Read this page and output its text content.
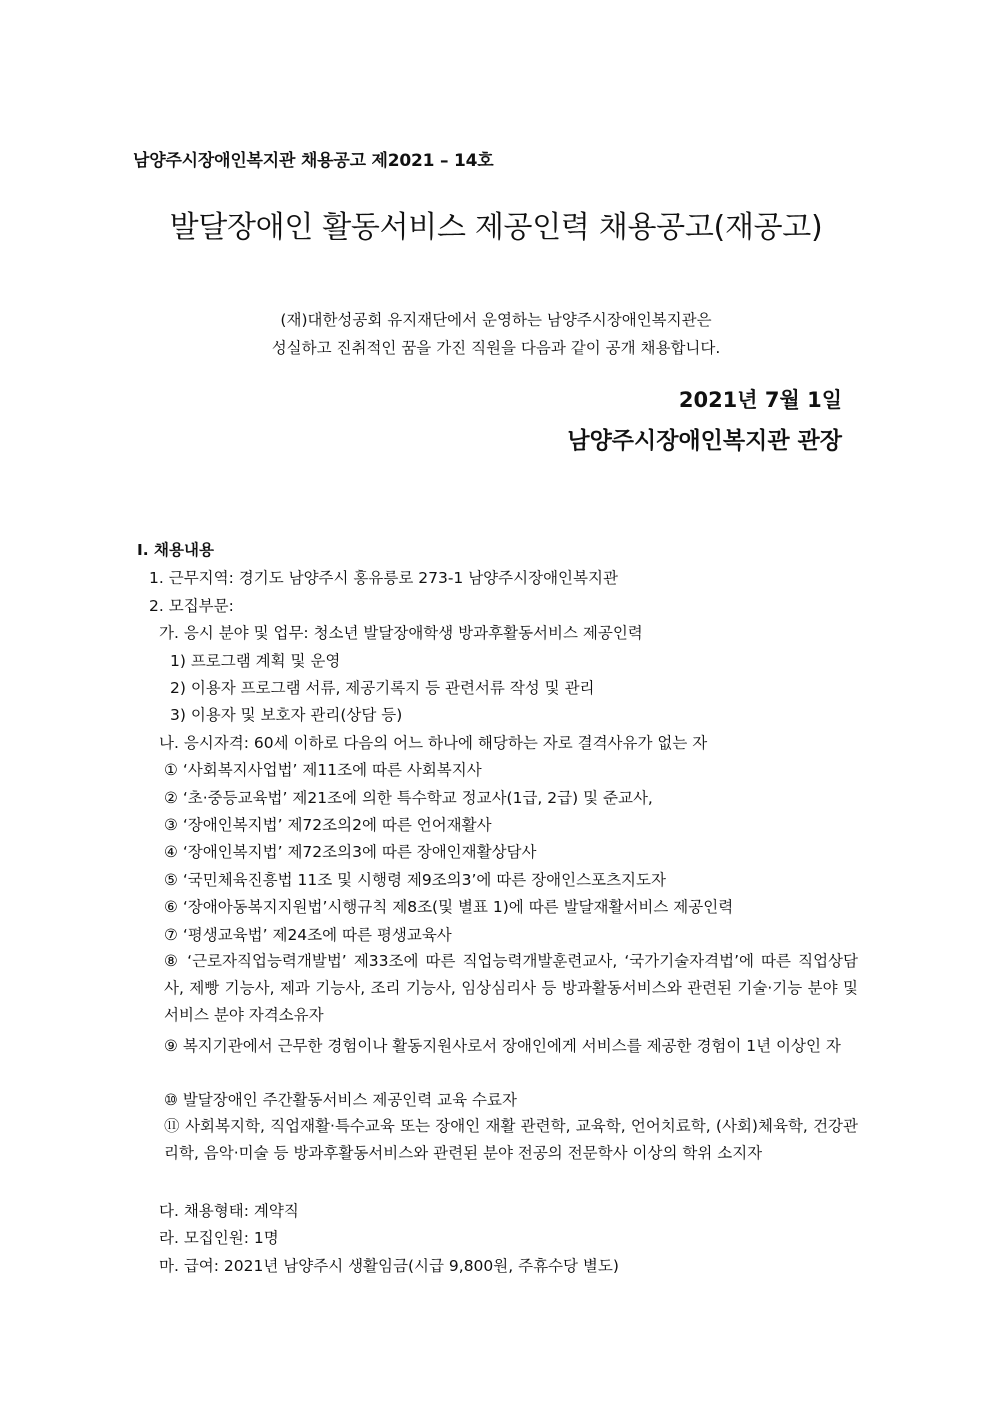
남양주시장애인복지관 채용공고 제2021 – 14호
발달장애인 활동서비스 제공인력 채용공고(재공고)
(재)대한성공회 유지재단에서 운영하는 남양주시장애인복지관은
성실하고 진취적인 꿈을 가진 직원을 다음과 같이 공개 채용합니다.
2021년 7월 1일
남양주시장애인복지관 관장
Ⅰ. 채용내용
1. 근무지역: 경기도 남양주시 홍유릉로 273-1 남양주시장애인복지관
2. 모집부문:
가. 응시 분야 및 업무: 청소년 발달장애학생 방과후활동서비스 제공인력
1) 프로그램 계획 및 운영
2) 이용자 프로그램 서류, 제공기록지 등 관련서류 작성 및 관리
3) 이용자 및 보호자 관리(상담 등)
나. 응시자격: 60세 이하로 다음의 어느 하나에 해당하는 자로 결격사유가 없는 자
① ‘사회복지사업법’ 제11조에 따른 사회복지사
② ‘초·중등교육법’ 제21조에 의한 특수학교 정교사(1급, 2급) 및 준교사,
③ ‘장애인복지법’ 제72조의2에 따른 언어재활사
④ ‘장애인복지법’ 제72조의3에 따른 장애인재활상담사
⑤ ‘국민체육진흥법 11조 및 시행령 제9조의3’에 따른 장애인스포츠지도자
⑥ ‘장애아동복지지원법’시행규칙 제8조(및 별표 1)에 따른 발달재활서비스 제공인력
⑦ ‘평생교육법’ 제24조에 따른 평생교육사
⑧ ‘근로자직업능력개발법’ 제33조에 따른 직업능력개발훈련교사, ‘국가기술자격법’에 따른 직업상담사, 제빵 기능사, 제과 기능사, 조리 기능사, 임상심리사 등 방과활동서비스와 관련된 기술·기능 분야 및 서비스 분야 자격소유자
⑨ 복지기관에서 근무한 경험이나 활동지원사로서 장애인에게 서비스를 제공한 경험이 1년 이상인 자
⑩ 발달장애인 주간활동서비스 제공인력 교육 수료자
⑪ 사회복지학, 직업재활·특수교육 또는 장애인 재활 관련학, 교육학, 언어치료학, (사회)체육학, 건강관리학, 음악·미술 등 방과후활동서비스와 관련된 분야 전공의 전문학사 이상의 학위 소지자
다. 채용형태: 계약직
라. 모집인원: 1명
마. 급여: 2021년 남양주시 생활임금(시급 9,800원, 주휴수당 별도)
